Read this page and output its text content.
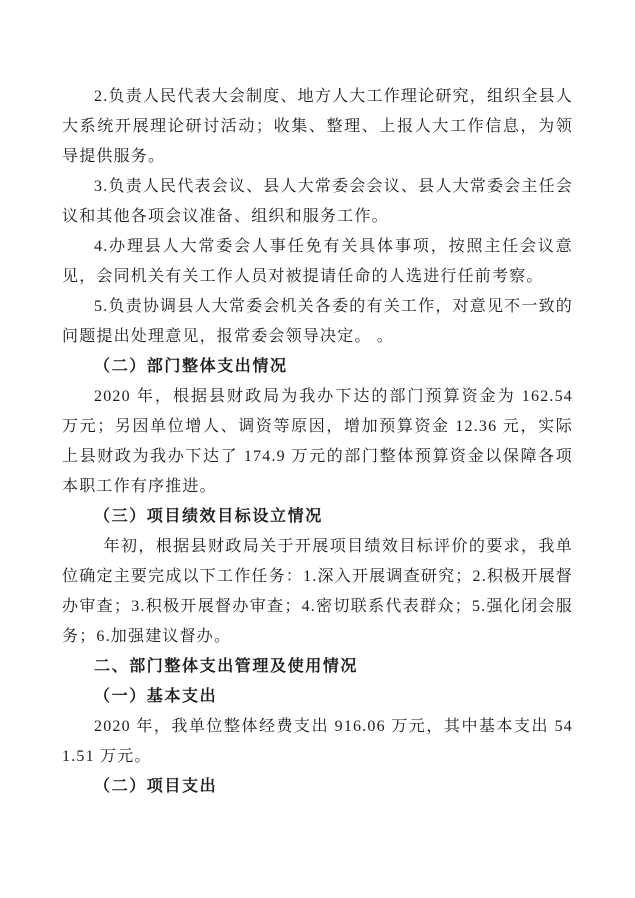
2.负责人民代表大会制度、地方人大工作理论研究，组织全县人大系统开展理论研讨活动；收集、整理、上报人大工作信息，为领导提供服务。

3.负责人民代表会议、县人大常委会会议、县人大常委会主任会议和其他各项会议准备、组织和服务工作。

4.办理县人大常委会人事任免有关具体事项，按照主任会议意见，会同机关有关工作人员对被提请任命的人选进行任前考察。

5.负责协调县人大常委会机关各委的有关工作，对意见不一致的问题提出处理意见，报常委会领导决定。 。

（二）部门整体支出情况

2020 年，根据县财政局为我办下达的部门预算资金为 162.54 万元；另因单位增人、调资等原因，增加预算资金 12.36 元，实际上县财政为我办下达了 174.9 万元的部门整体预算资金以保障各项本职工作有序推进。

（三）项目绩效目标设立情况

年初，根据县财政局关于开展项目绩效目标评价的要求，我单位确定主要完成以下工作任务：1.深入开展调查研究；2.积极开展督办审查；3.积极开展督办审查；4.密切联系代表群众；5.强化闭会服务；6.加强建议督办。

二、部门整体支出管理及使用情况

（一）基本支出

2020 年，我单位整体经费支出 916.06 万元，其中基本支出 541.51 万元。

（二）项目支出
